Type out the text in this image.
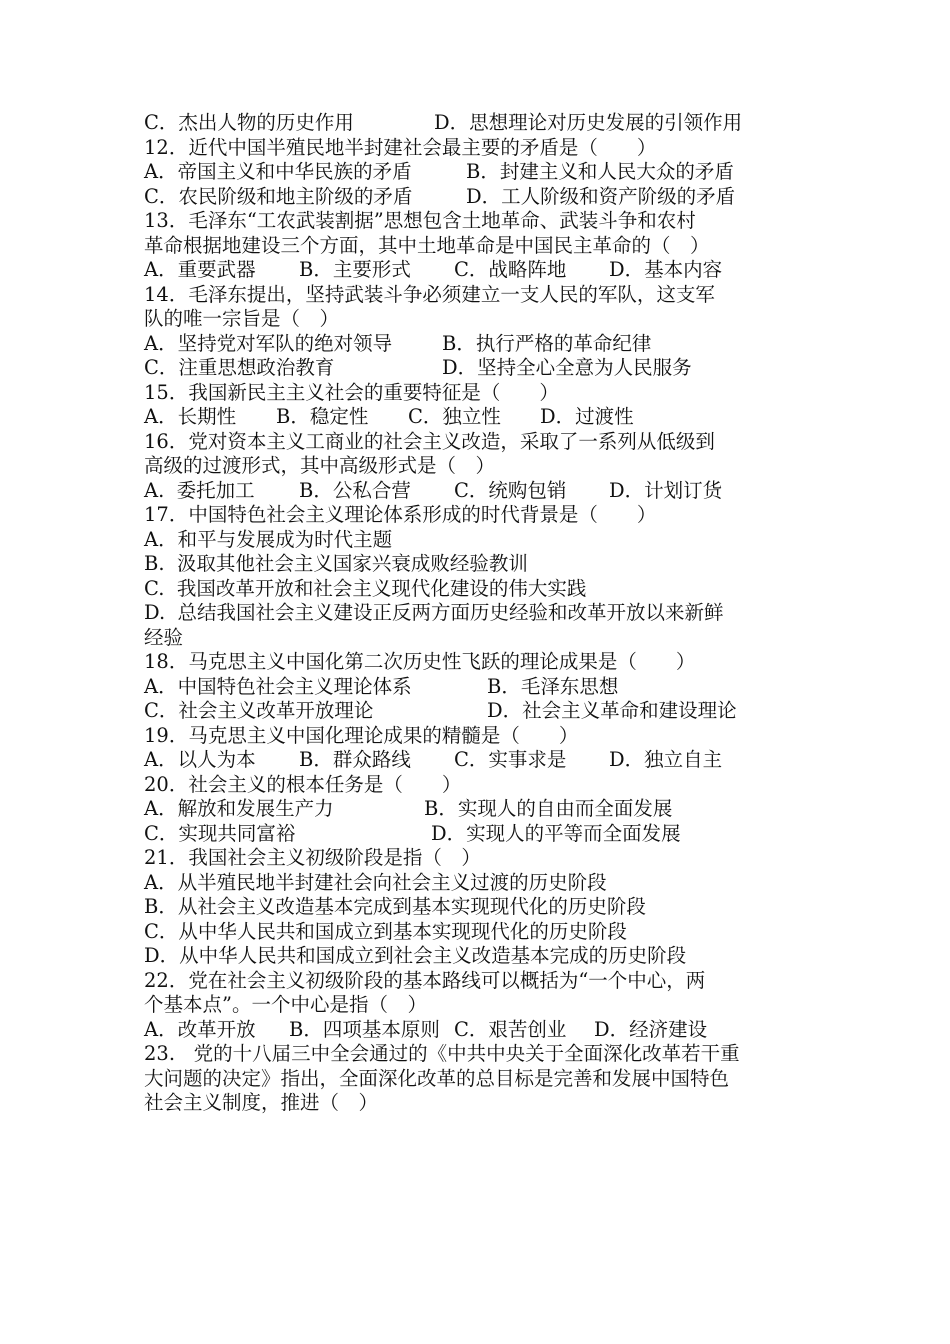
C．杰出人物的历史作用	D．思想理论对历史发展的引领作用
12．近代中国半殖民地半封建社会最主要的矛盾是（　　）
A．帝国主义和中华民族的矛盾	B．封建主义和人民大众的矛盾
C．农民阶级和地主阶级的矛盾	D．工人阶级和资产阶级的矛盾
13．毛泽东“工农武装割据”思想包含土地革命、武装斗争和农村
革命根据地建设三个方面，其中土地革命是中国民主革命的（　）
A．重要武器 B．主要形式 C．战略阵地 D．基本内容
14．毛泽东提出，坚持武装斗争必须建立一支人民的军队，这支军
队的唯一宗旨是（　）
A．坚持党对军队的绝对领导	B．执行严格的革命纪律
C．注重思想政治教育	D．坚持全心全意为人民服务
15．我国新民主主义社会的重要特征是（　　）
A．长期性 B．稳定性 C．独立性 D．过渡性
16．党对资本主义工商业的社会主义改造，采取了一系列从低级到
高级的过渡形式，其中高级形式是（　）
A.  委托加工 B．公私合营 C．统购包销 D．计划订货
17．中国特色社会主义理论体系形成的时代背景是（　　）
A．和平与发展成为时代主题
B.  汲取其他社会主义国家兴衰成败经验教训
C.  我国改革开放和社会主义现代化建设的伟大实践
D.  总结我国社会主义建设正反两方面历史经验和改革开放以来新鲜
经验
18．马克思主义中国化第二次历史性飞跃的理论成果是（　　）
A．中国特色社会主义理论体系	B．毛泽东思想
C．社会主义改革开放理论	D．社会主义革命和建设理论
19．马克思主义中国化理论成果的精髓是（　　）
A．以人为本 B．群众路线 C．实事求是 D．独立自主
20．社会主义的根本任务是（　　）
A．解放和发展生产力	B．实现人的自由而全面发展
C．实现共同富裕	D．实现人的平等而全面发展
21．我国社会主义初级阶段是指（　）
A．从半殖民地半封建社会向社会主义过渡的历史阶段
B．从社会主义改造基本完成到基本实现现代化的历史阶段
C．从中华人民共和国成立到基本实现现代化的历史阶段
D．从中华人民共和国成立到社会主义改造基本完成的历史阶段
22．党在社会主义初级阶段的基本路线可以概括为“一个中心，两
个基本点”。一个中心是指（　）
A．改革开放 B．四项基本原则 C．艰苦创业 D．经济建设
23.   党的十八届三中全会通过的《中共中央关于全面深化改革若干重
大问题的决定》指出，全面深化改革的总目标是完善和发展中国特色
社会主义制度，推进（　）
